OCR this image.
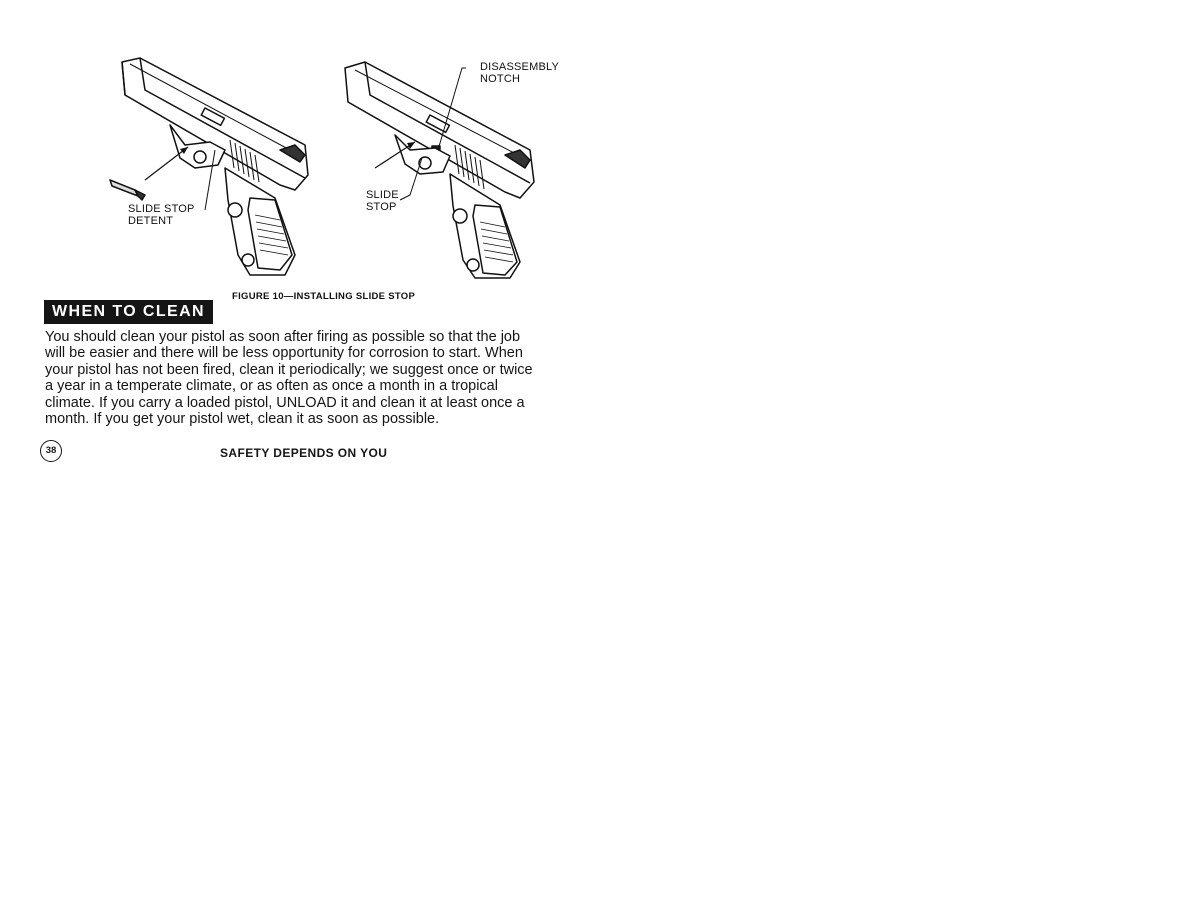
SLIDE STOP
DETENT
DISASSEMBLY
NOTCH
SLIDE
STOP
FIGURE 10—INSTALLING SLIDE STOP
WHEN TO CLEAN
You should clean your pistol as soon after firing as possible so that the job
will be easier and there will be less opportunity for corrosion to start. When
your pistol has not been fired, clean it periodically; we suggest once or twice
a year in a temperate climate, or as often as once a month in a tropical
climate. If you carry a loaded pistol, UNLOAD it and clean it at least once a
month. If you get your pistol wet, clean it as soon as possible.
38	SAFETY DEPENDS ON YOU
